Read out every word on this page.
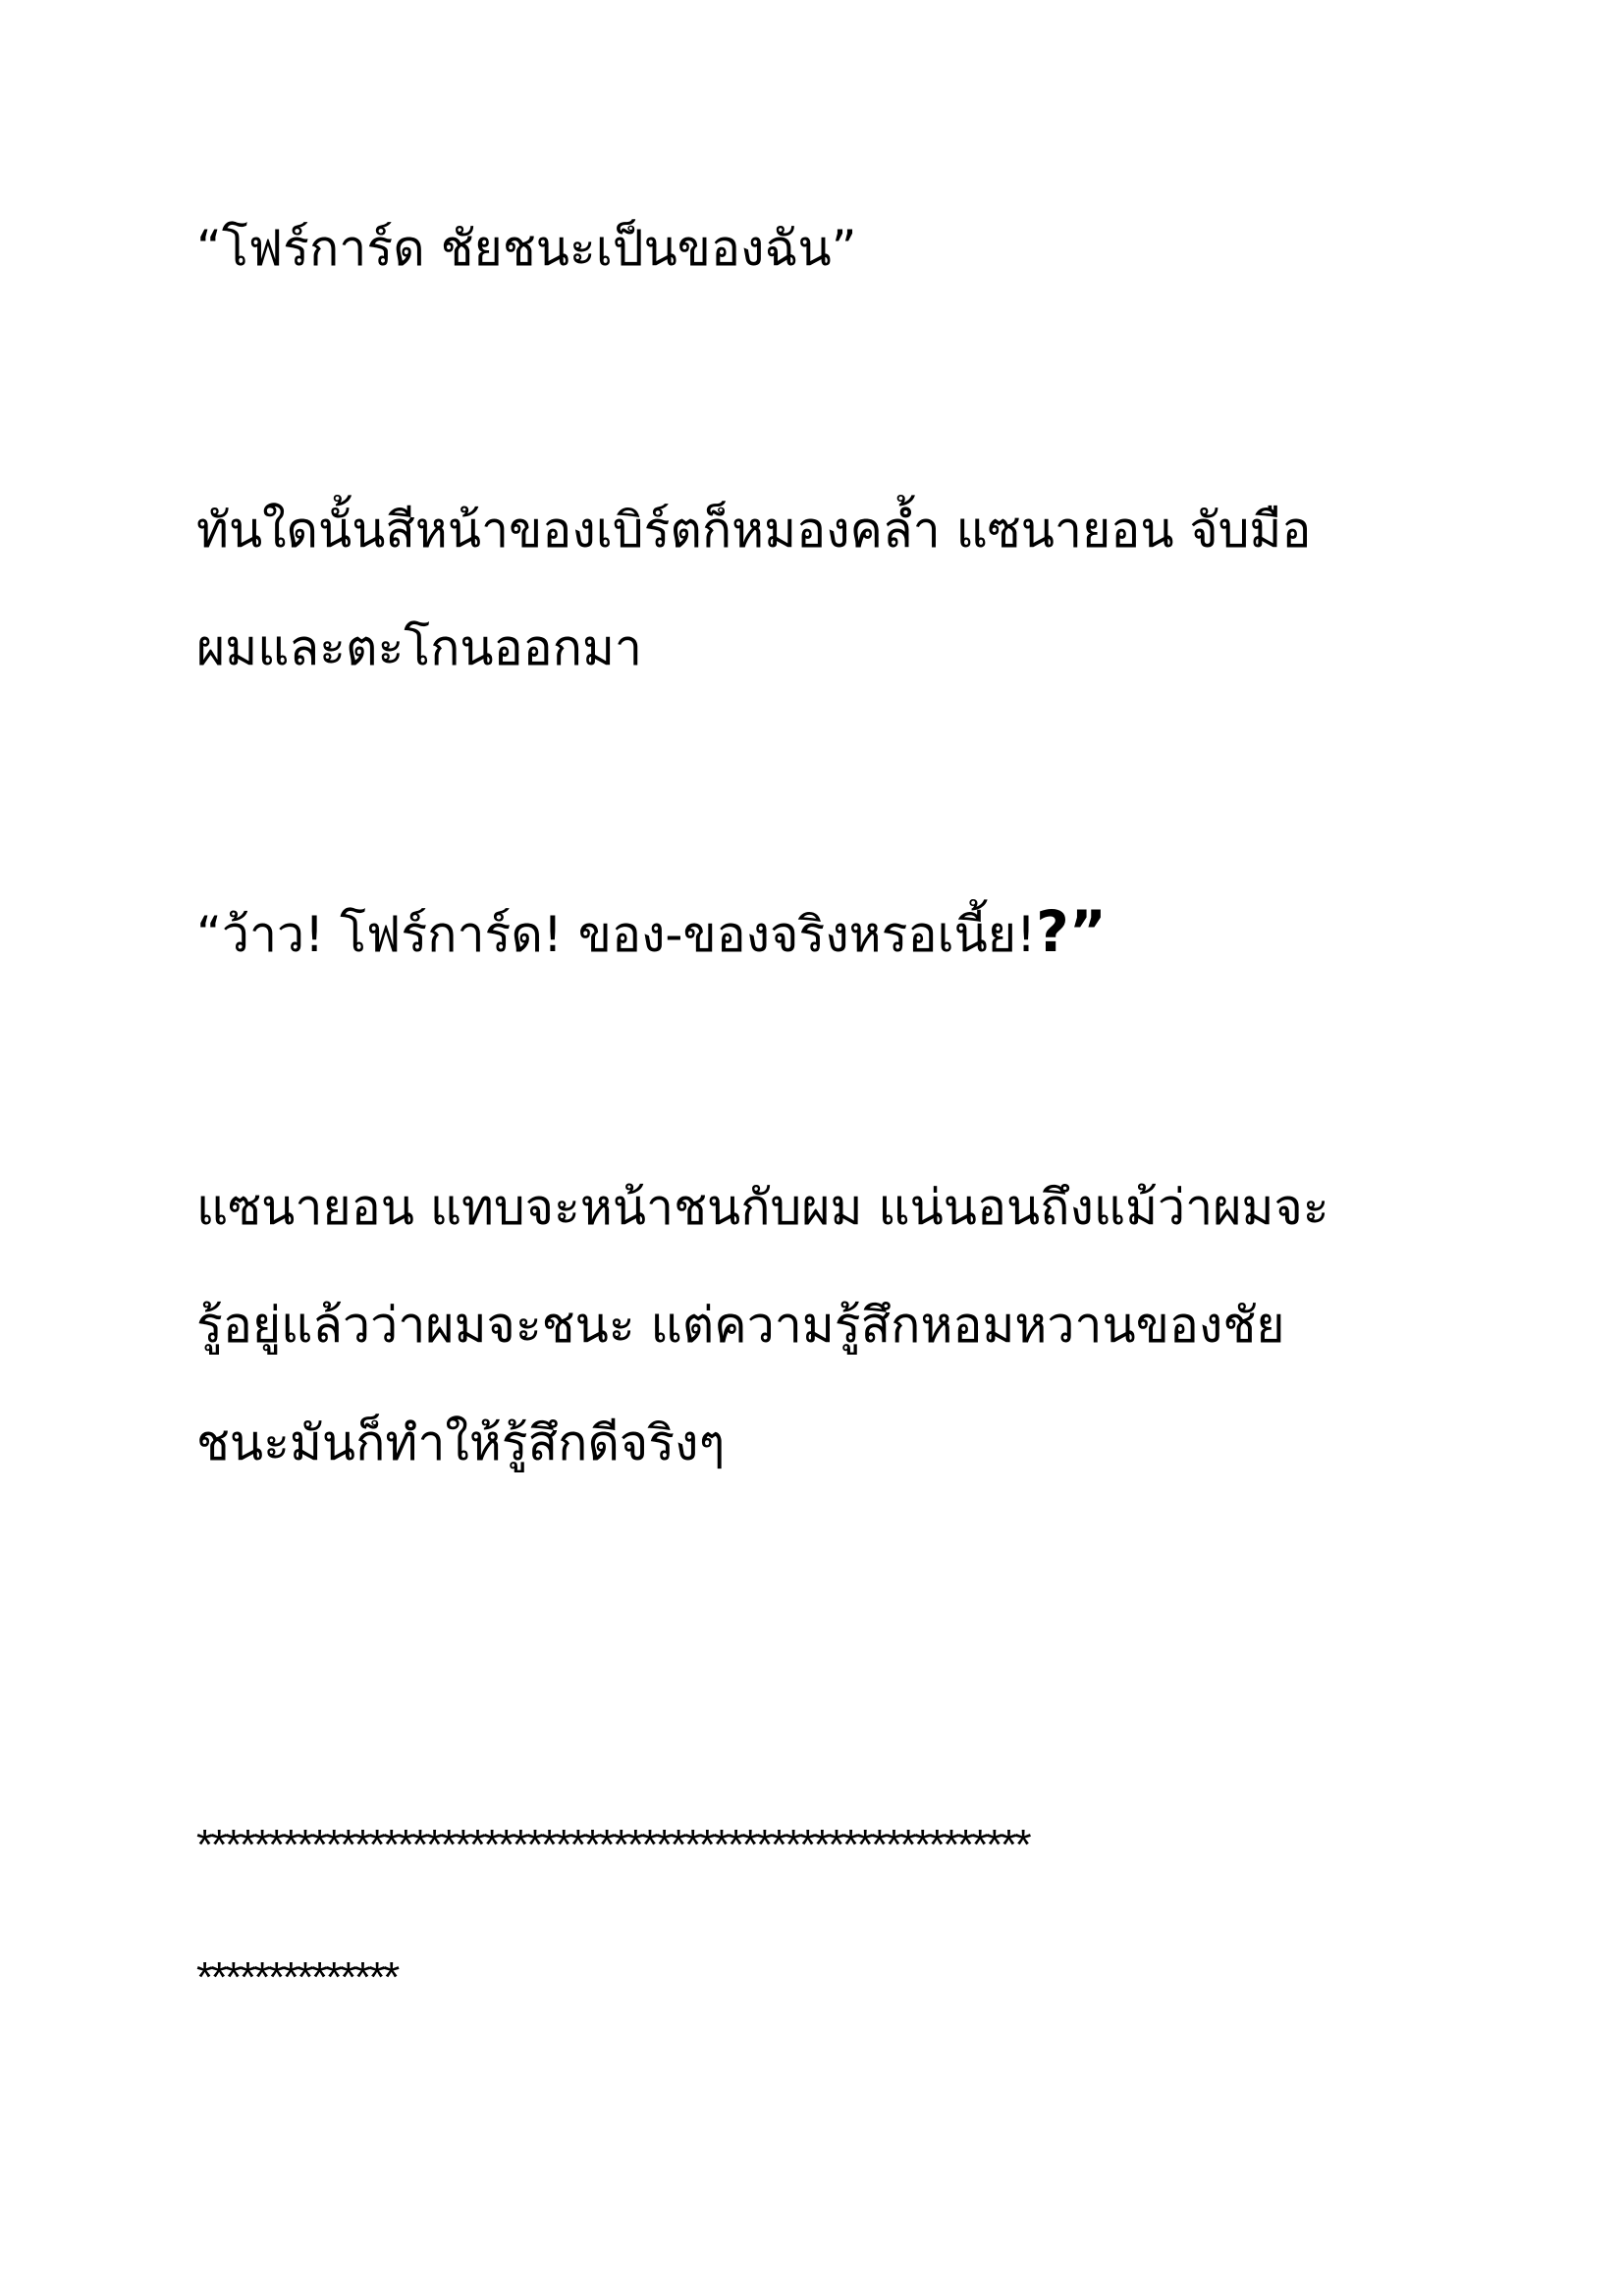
“โฟร์การ์ด ชัยชนะเป็นของฉัน”

ทันใดนั้นสีหน้าของเบิร์ตก็หมองคล้ำ แซนายอน จับมือ

ผมและตะโกนออกมา

“ว้าว! โฟร์การ์ด! ของ-ของจริงหรอเนี้ย!?”

แซนายอน แทบจะหน้าชนกับผม แน่นอนถึงแม้ว่าผมจะ

รู้อยู่แล้วว่าผมจะชนะ แต่ความรู้สึกหอมหวานของชัย

ชนะมันก็ทำให้รู้สึกดีจริงๆ

**********************************************************

**************
